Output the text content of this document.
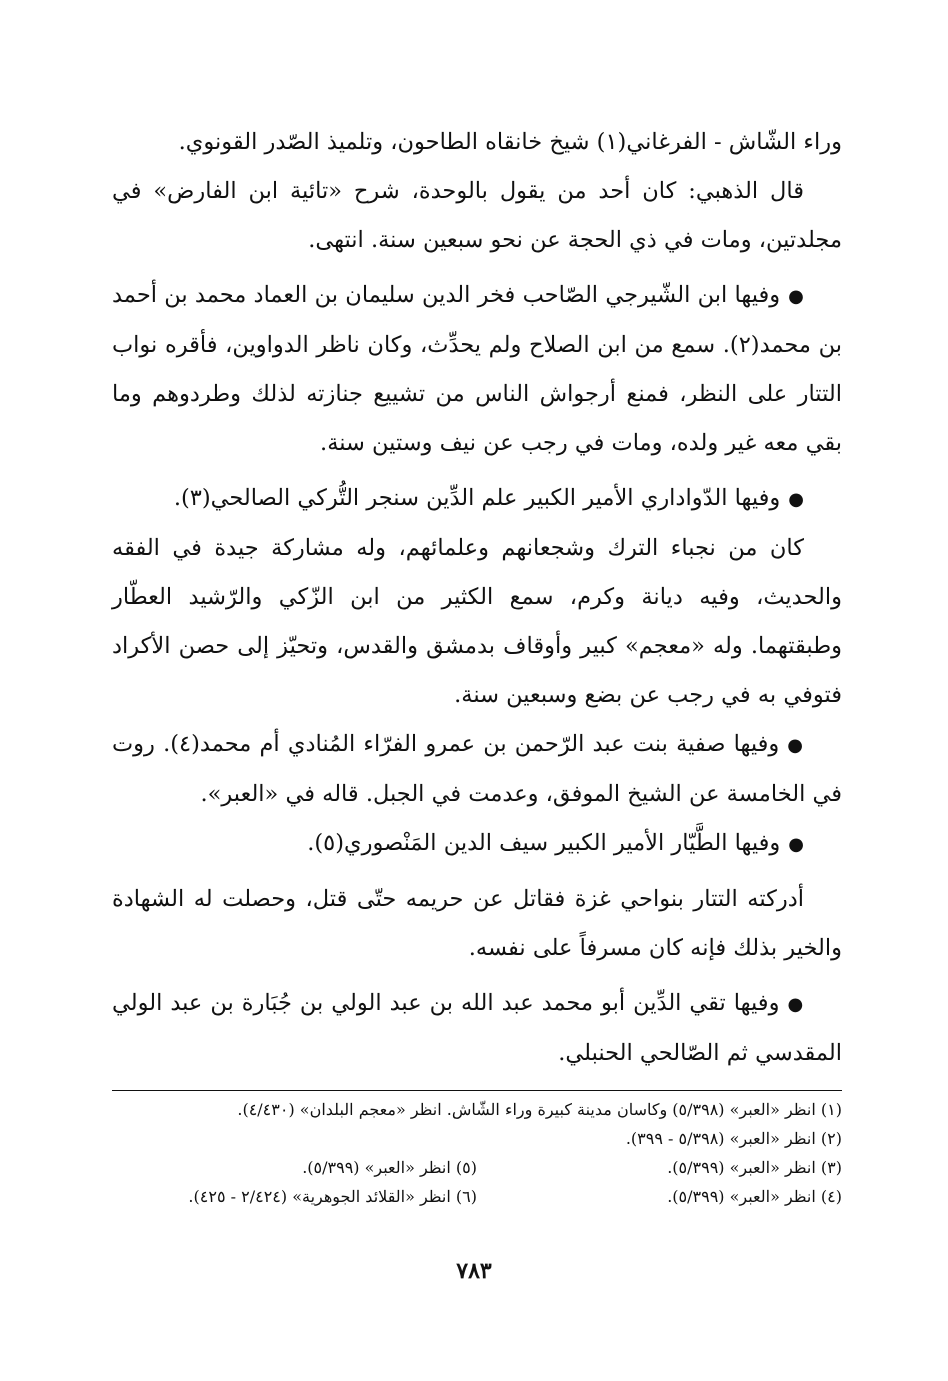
وراء الشّاش - الفرغاني(١) شيخ خانقاه الطاحون، وتلميذ الصّدر القونوي.

قال الذهبي: كان أحد من يقول بالوحدة، شرح «تائية ابن الفارض» في مجلدتين، ومات في ذي الحجة عن نحو سبعين سنة. انتهى.

●وفيها ابن الشّيرجي الصّاحب فخر الدين سليمان بن العماد محمد بن أحمد بن محمد(٢). سمع من ابن الصلاح ولم يحدِّث، وكان ناظر الدواوين، فأقره نواب التتار على النظر، فمنع أرجواش الناس من تشييع جنازته لذلك وطردوهم وما بقي معه غير ولده، ومات في رجب عن نيف وستين سنة.

●وفيها الدّواداري الأمير الكبير علم الدِّين سنجر التُّركي الصالحي(٣).

كان من نجباء الترك وشجعانهم وعلمائهم، وله مشاركة جيدة في الفقه والحديث، وفيه ديانة وكرم، سمع الكثير من ابن الزّكي والرّشيد العطّار وطبقتهما. وله «معجم» كبير وأوقاف بدمشق والقدس، وتحيّز إلى حصن الأكراد فتوفي به في رجب عن بضع وسبعين سنة.

●وفيها صفية بنت عبد الرّحمن بن عمرو الفرّاء المُنادي أم محمد(٤). روت في الخامسة عن الشيخ الموفق، وعدمت في الجبل. قاله في «العبر».

●وفيها الطَّيّار الأمير الكبير سيف الدين المَنْصوري(٥).

أدركته التتار بنواحي غزة فقاتل عن حريمه حتّى قتل، وحصلت له الشهادة والخير بذلك فإنه كان مسرفاً على نفسه.

●وفيها تقي الدِّين أبو محمد عبد الله بن عبد الولي بن جُبَارة بن عبد الولي المقدسي ثم الصّالحي الحنبلي.

(١) انظر «العبر» (٥/٣٩٨) وكاسان مدينة كبيرة وراء الشّاش. انظر «معجم البلدان» (٤/٤٣٠).
(٢) انظر «العبر» (٥/٣٩٨ - ٣٩٩).
(٣) انظر «العبر» (٥/٣٩٩).
(٥) انظر «العبر» (٥/٣٩٩).
(٤) انظر «العبر» (٥/٣٩٩).
(٦) انظر «القلائد الجوهرية» (٢/٤٢٤ - ٤٢٥).
٧٨٣
